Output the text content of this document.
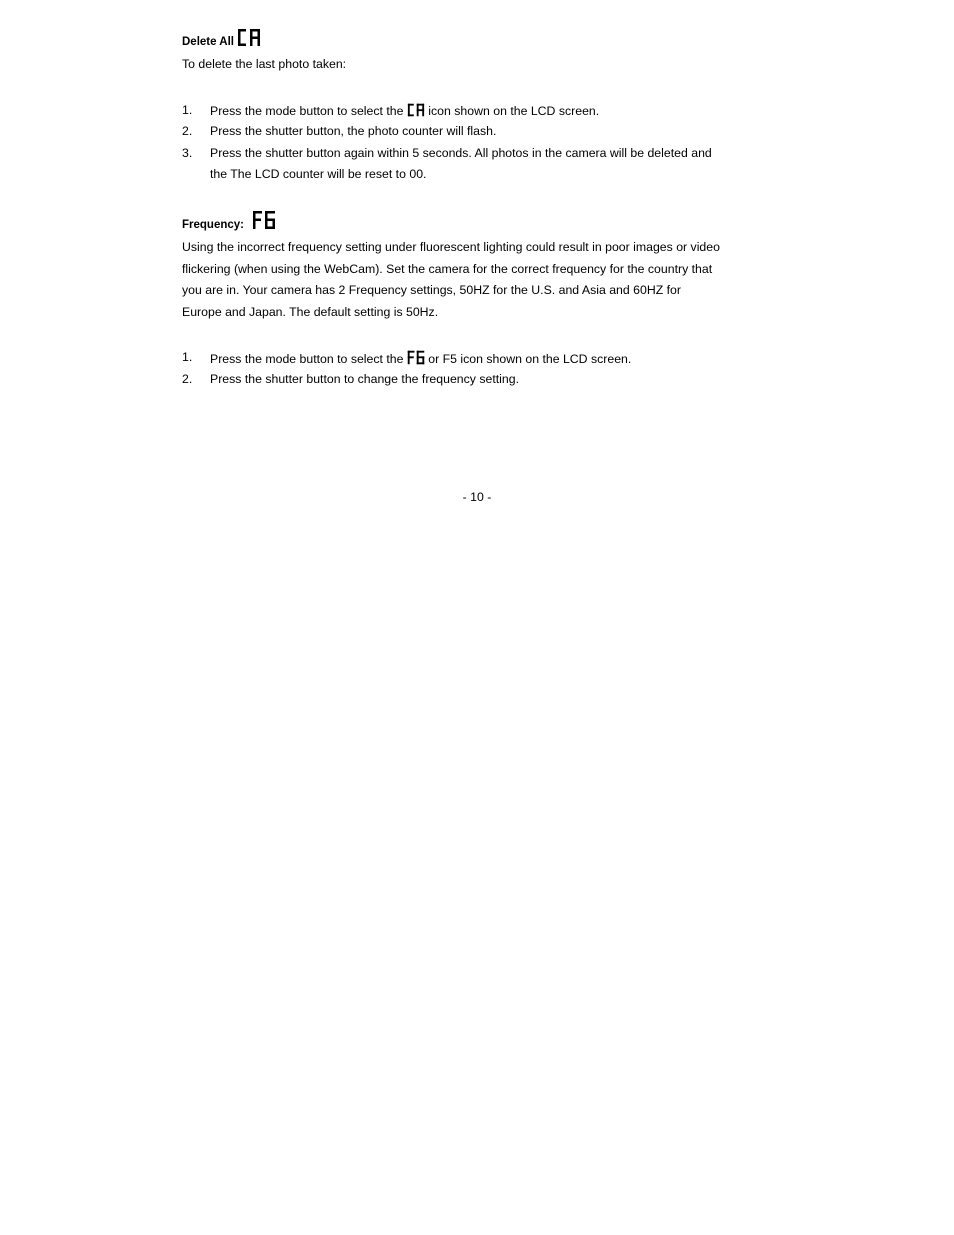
Delete All
To delete the last photo taken:
1. Press the mode button to select the icon shown on the LCD screen.
2. Press the shutter button, the photo counter will flash.
3. Press the shutter button again within 5 seconds. All photos in the camera will be deleted and
the The LCD counter will be reset to 00.
Frequency:
Using the incorrect frequency setting under fluorescent lighting could result in poor images or video
flickering (when using the WebCam). Set the camera for the correct frequency for the country that
you are in. Your camera has 2 Frequency settings, 50HZ for the U.S. and Asia and 60HZ for
Europe and Japan. The default setting is 50Hz.
1. Press the mode button to select the or F5 icon shown on the LCD screen.
2. Press the shutter button to change the frequency setting.
- 10 -
